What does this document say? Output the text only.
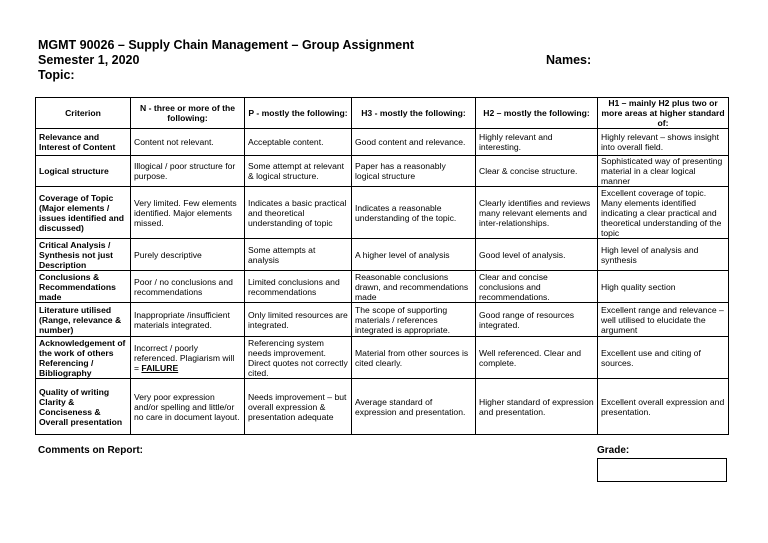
MGMT 90026 – Supply Chain Management – Group Assignment
Semester 1, 2020
Topic:
Names:
Criterion	N - three or more of the following:	P - mostly the following:	H3 - mostly the following:	H2 – mostly the following:	H1 – mainly H2 plus two or more areas at higher standard of:
Relevance and Interest of Content	Content not relevant.	Acceptable content.	Good content and relevance.	Highly relevant and interesting.	Highly relevant – shows insight into overall field.
Logical structure	Illogical / poor structure for purpose.	Some attempt at relevant & logical structure.	Paper has a reasonably logical structure	Clear & concise structure.	Sophisticated way of presenting material in a clear logical manner
Coverage of Topic (Major elements / issues identified and discussed)	Very limited. Few elements identified. Major elements missed.	Indicates a basic practical and theoretical understanding of topic	Indicates a reasonable understanding of the topic.	Clearly identifies and reviews many relevant elements and inter-relationships.	Excellent coverage of topic. Many elements identified indicating a clear practical and theoretical understanding of the topic
Critical Analysis / Synthesis not just Description	Purely descriptive	Some attempts at analysis	A higher level of analysis	Good level of analysis.	High level of analysis and synthesis
Conclusions & Recommendations made	Poor / no conclusions and recommendations	Limited conclusions and recommendations	Reasonable conclusions drawn, and recommendations made	Clear and concise conclusions and recommendations.	High quality section
Literature utilised (Range, relevance & number)	Inappropriate /insufficient materials integrated.	Only limited resources are integrated.	The scope of supporting materials / references integrated is appropriate.	Good range of resources integrated.	Excellent range and relevance – well utilised to elucidate the argument
Acknowledgement of the work of others Referencing / Bibliography	Incorrect / poorly referenced. Plagiarism will = FAILURE	Referencing system needs improvement. Direct quotes not correctly cited.	Material from other sources is cited clearly.	Well referenced. Clear and complete.	Excellent use and citing of sources.
Quality of writing Clarity & Conciseness & Overall presentation	Very poor expression and/or spelling and little/or no care in document layout.	Needs improvement – but overall expression & presentation adequate	Average standard of expression and presentation.	Higher standard of expression and presentation.	Excellent overall expression and presentation.
Comments on Report:	Grade:
